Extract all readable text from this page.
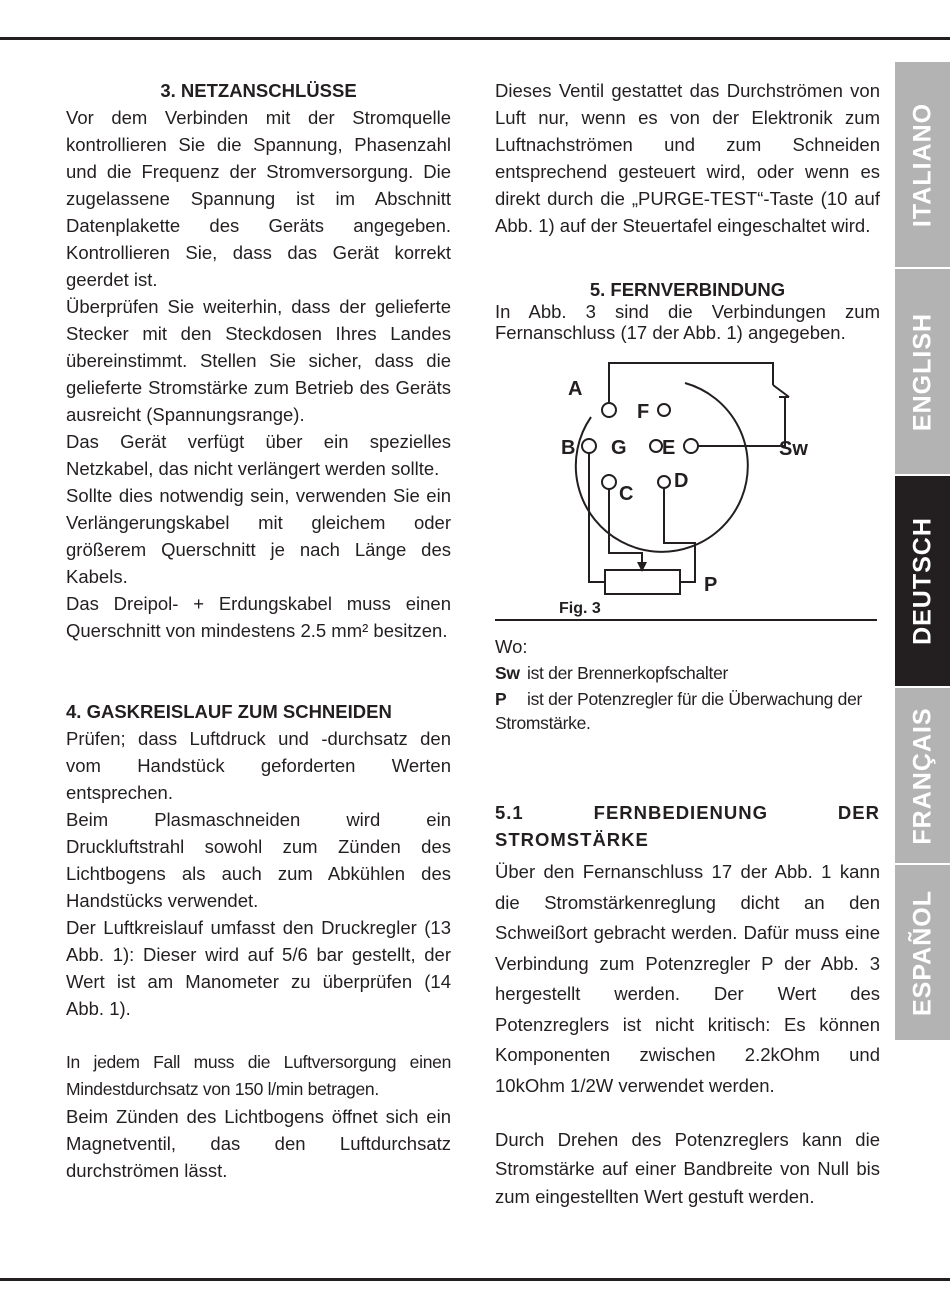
3. NETZANSCHLÜSSE

Vor dem Verbinden mit der Stromquelle kontrollieren Sie die Spannung, Phasenzahl und die Frequenz der Stromversorgung. Die zugelassene Spannung ist im Abschnitt Datenplakette des Geräts angegeben. Kontrollieren Sie, dass das Gerät korrekt geerdet ist.

Überprüfen Sie weiterhin, dass der gelieferte Stecker mit den Steckdosen Ihres Landes übereinstimmt. Stellen Sie sicher, dass die gelieferte Stromstärke zum Betrieb des Geräts ausreicht (Spannungsrange).

Das Gerät verfügt über ein spezielles Netzkabel, das nicht verlängert werden sollte.

Sollte dies notwendig sein, verwenden Sie ein Verlängerungskabel mit gleichem oder größerem Querschnitt je nach Länge des Kabels.

Das Dreipol- + Erdungskabel muss einen Querschnitt von mindestens 2.5 mm² besitzen.

4. GASKREISLAUF ZUM SCHNEIDEN

Prüfen; dass Luftdruck und -durchsatz den vom Handstück geforderten Werten entsprechen.

Beim Plasmaschneiden wird ein Druckluftstrahl sowohl zum Zünden des Lichtbogens als auch zum Abkühlen des Handstücks verwendet.

Der Luftkreislauf umfasst den Druckregler (13 Abb. 1): Dieser wird auf 5/6 bar gestellt, der Wert ist am Manometer zu überprüfen (14 Abb. 1).

In jedem Fall muss die Luftversorgung einen Mindestdurchsatz von 150 l/min betragen.

Beim Zünden des Lichtbogens öffnet sich ein Magnetventil, das den Luftdurchsatz durchströmen lässt.

Dieses Ventil gestattet das Durchströmen von Luft nur, wenn es von der Elektronik zum Luftnachströmen und zum Schneiden entsprechend gesteuert wird, oder wenn es direkt durch die „PURGE-TEST“-Taste (10 auf Abb. 1) auf der Steuertafel eingeschaltet wird.

5. FERNVERBINDUNG

In Abb. 3 sind die Verbindungen zum Fernanschluss (17 der Abb. 1) angegeben.

A
F
B G E
C
D
Sw
P
Fig. 3

Wo:

Sw ist der Brennerkopfschalter

P ist der Potenzregler für die Überwachung der Stromstärke.

5.1 FERNBEDIENUNG DER
STROMSTÄRKE

Über den Fernanschluss 17 der Abb. 1 kann die Stromstärkenreglung dicht an den Schweißort gebracht werden. Dafür muss eine Verbindung zum Potenzregler P der Abb. 3 hergestellt werden. Der Wert des Potenzreglers ist nicht kritisch: Es können Komponenten zwischen 2.2kOhm und 10kOhm 1/2W verwendet werden.

Durch Drehen des Potenzreglers kann die Stromstärke auf einer Bandbreite von Null bis zum eingestellten Wert gestuft werden.

ITALIANO
ENGLISH
DEUTSCH
FRANÇAIS
ESPAÑOL
